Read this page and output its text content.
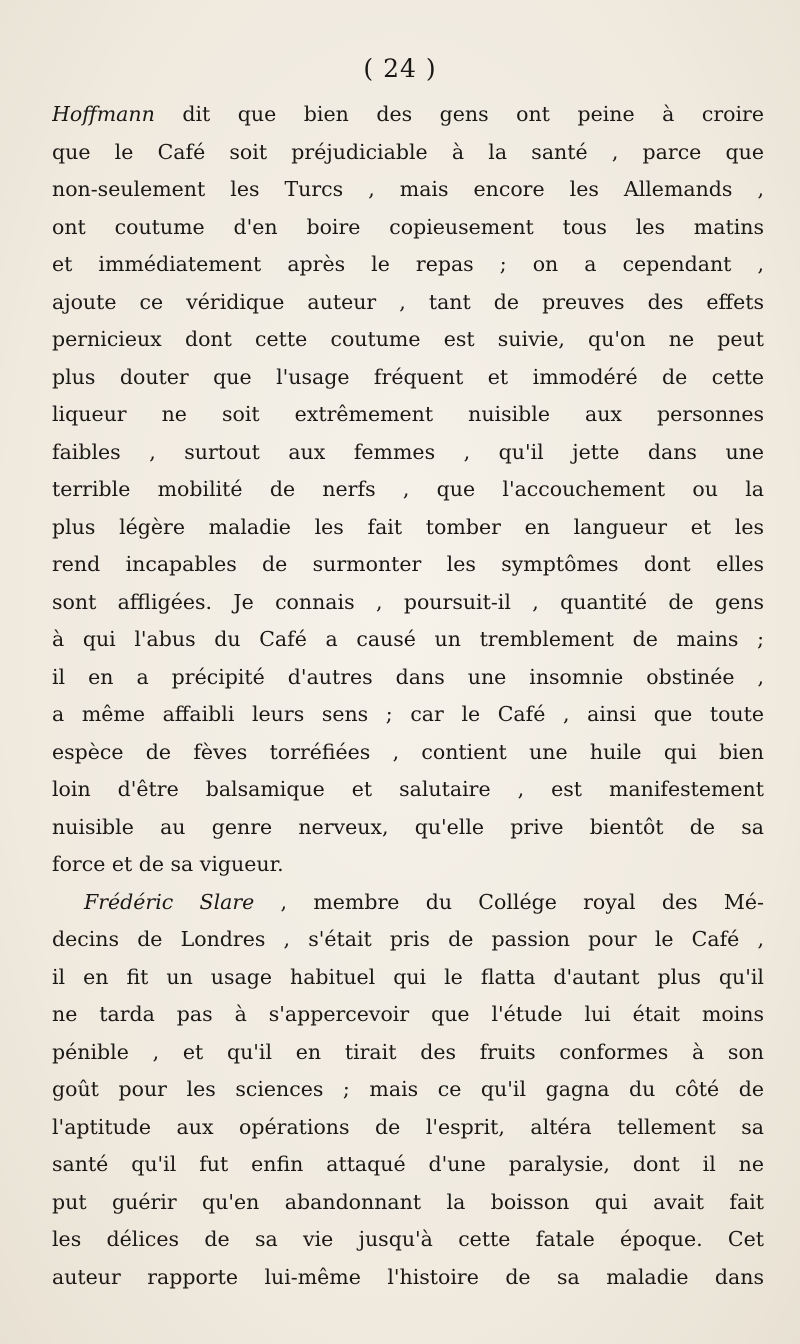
( 24 )
Hoffmann dit que bien des gens ont peine à croire
que le Café soit préjudiciable à la santé , parce que
non-seulement les Turcs , mais encore les Allemands ,
ont coutume d'en boire copieusement tous les matins
et immédiatement après le repas ; on a cependant ,
ajoute ce véridique auteur , tant de preuves des effets
pernicieux dont cette coutume est suivie, qu'on ne peut
plus douter que l'usage fréquent et immodéré de cette
liqueur ne soit extrêmement nuisible aux personnes
faibles , surtout aux femmes , qu'il jette dans une
terrible mobilité de nerfs , que l'accouchement ou la
plus légère maladie les fait tomber en langueur et les
rend incapables de surmonter les symptômes dont elles
sont affligées. Je connais , poursuit-il , quantité de gens
à qui l'abus du Café a causé un tremblement de mains ;
il en a précipité d'autres dans une insomnie obstinée ,
a même affaibli leurs sens ; car le Café , ainsi que toute
espèce de fèves torréfiées , contient une huile qui bien
loin d'être balsamique et salutaire , est manifestement
nuisible au genre nerveux, qu'elle prive bientôt de sa
force et de sa vigueur.
Frédéric Slare , membre du Collége royal des Mé-
decins de Londres , s'était pris de passion pour le Café ,
il en fit un usage habituel qui le flatta d'autant plus qu'il
ne tarda pas à s'appercevoir que l'étude lui était moins
pénible , et qu'il en tirait des fruits conformes à son
goût pour les sciences ; mais ce qu'il gagna du côté de
l'aptitude aux opérations de l'esprit, altéra tellement sa
santé qu'il fut enfin attaqué d'une paralysie, dont il ne
put guérir qu'en abandonnant la boisson qui avait fait
les délices de sa vie jusqu'à cette fatale époque. Cet
auteur rapporte lui-même l'histoire de sa maladie dans
